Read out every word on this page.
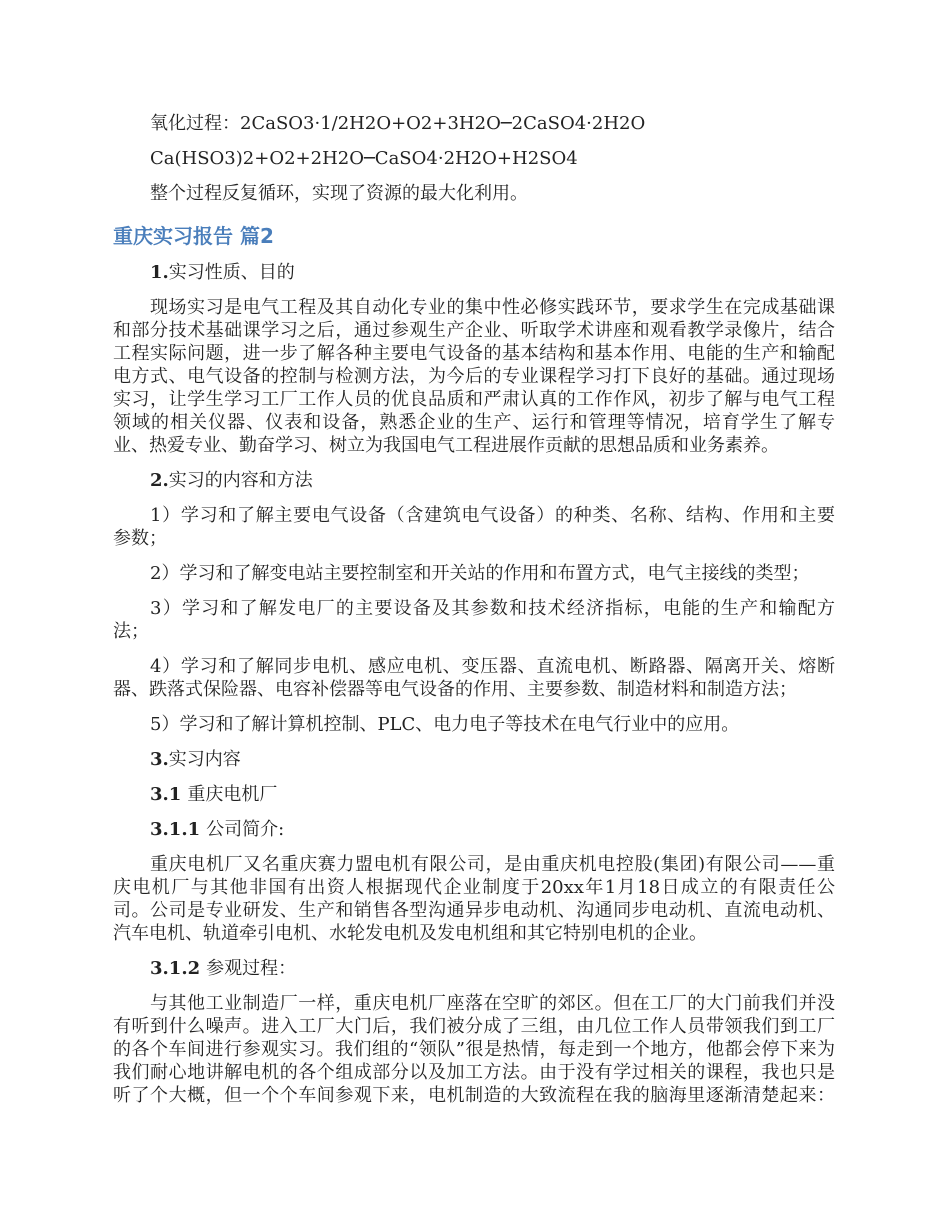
氧化过程：2CaSO3·1/2H2O+O2+3H2O─2CaSO4·2H2O
Ca(HSO3)2+O2+2H2O─CaSO4·2H2O+H2SO4
整个过程反复循环，实现了资源的最大化利用。
重庆实习报告 篇2
1.实习性质、目的
现场实习是电气工程及其自动化专业的集中性必修实践环节，要求学生在完成基础课
和部分技术基础课学习之后，通过参观生产企业、听取学术讲座和观看教学录像片，结合
工程实际问题，进一步了解各种主要电气设备的基本结构和基本作用、电能的生产和输配
电方式、电气设备的控制与检测方法，为今后的专业课程学习打下良好的基础。通过现场
实习，让学生学习工厂工作人员的优良品质和严肃认真的工作作风，初步了解与电气工程
领域的相关仪器、仪表和设备，熟悉企业的生产、运行和管理等情况，培育学生了解专
业、热爱专业、勤奋学习、树立为我国电气工程进展作贡献的思想品质和业务素养。
2.实习的内容和方法
1）学习和了解主要电气设备（含建筑电气设备）的种类、名称、结构、作用和主要
参数；
2）学习和了解变电站主要控制室和开关站的作用和布置方式，电气主接线的类型；
3）学习和了解发电厂的主要设备及其参数和技术经济指标，电能的生产和输配方
法；
4）学习和了解同步电机、感应电机、变压器、直流电机、断路器、隔离开关、熔断
器、跌落式保险器、电容补偿器等电气设备的作用、主要参数、制造材料和制造方法；
5）学习和了解计算机控制、PLC、电力电子等技术在电气行业中的应用。
3.实习内容
3.1 重庆电机厂
3.1.1 公司简介:
重庆电机厂又名重庆赛力盟电机有限公司，是由重庆机电控股(集团)有限公司——重
庆电机厂与其他非国有出资人根据现代企业制度于20xx年1月18日成立的有限责任公
司。公司是专业研发、生产和销售各型沟通异步电动机、沟通同步电动机、直流电动机、
汽车电机、轨道牵引电机、水轮发电机及发电机组和其它特别电机的企业。
3.1.2 参观过程：
与其他工业制造厂一样，重庆电机厂座落在空旷的郊区。但在工厂的大门前我们并没
有听到什么噪声。进入工厂大门后，我们被分成了三组，由几位工作人员带领我们到工厂
的各个车间进行参观实习。我们组的“领队”很是热情，每走到一个地方，他都会停下来为
我们耐心地讲解电机的各个组成部分以及加工方法。由于没有学过相关的课程，我也只是
听了个大概，但一个个车间参观下来，电机制造的大致流程在我的脑海里逐渐清楚起来：
